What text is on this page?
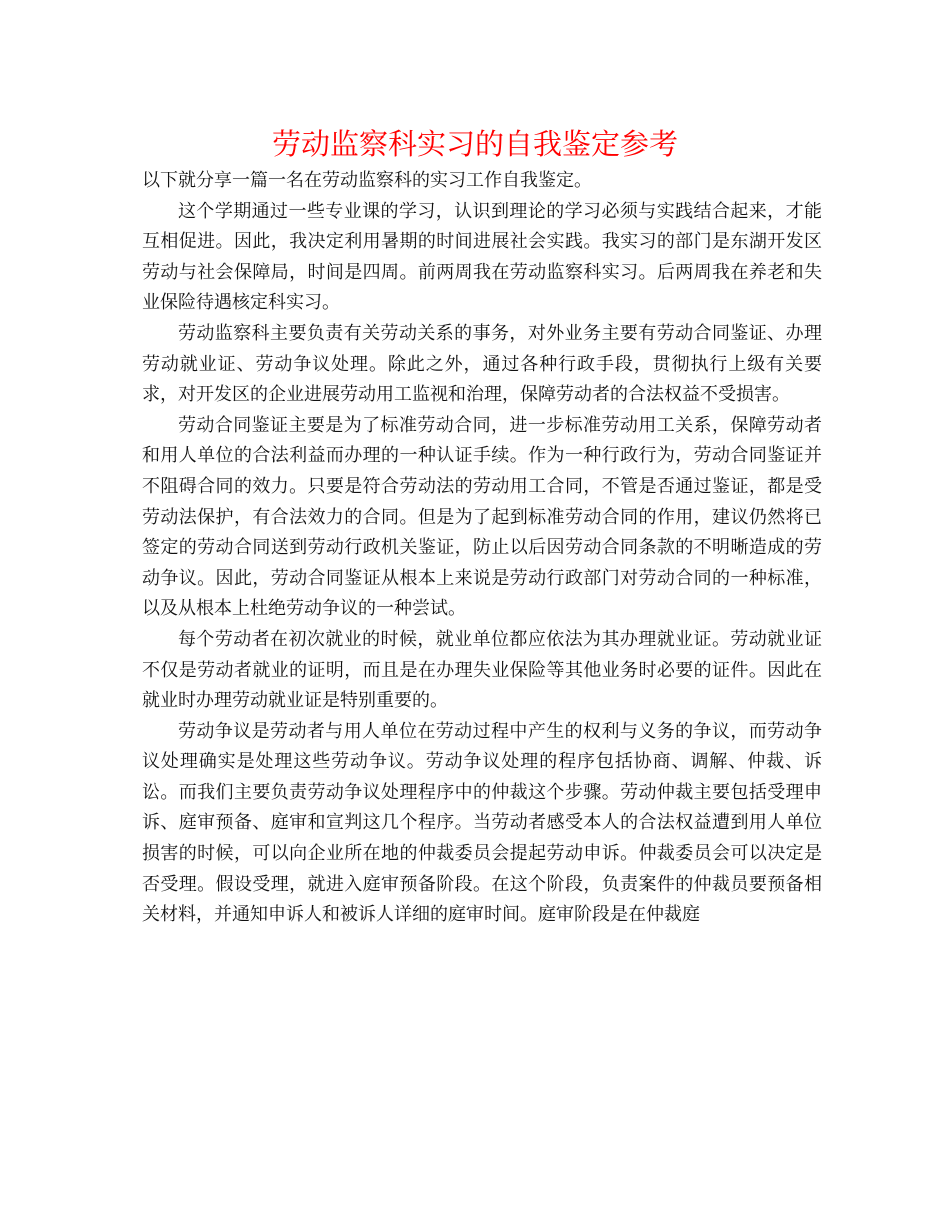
劳动监察科实习的自我鉴定参考

以下就分享一篇一名在劳动监察科的实习工作自我鉴定。

这个学期通过一些专业课的学习，认识到理论的学习必须与实践结合起来，才能互相促进。因此，我决定利用暑期的时间进展社会实践。我实习的部门是东湖开发区劳动与社会保障局，时间是四周。前两周我在劳动监察科实习。后两周我在养老和失业保险待遇核定科实习。

劳动监察科主要负责有关劳动关系的事务，对外业务主要有劳动合同鉴证、办理劳动就业证、劳动争议处理。除此之外，通过各种行政手段，贯彻执行上级有关要求，对开发区的企业进展劳动用工监视和治理，保障劳动者的合法权益不受损害。

劳动合同鉴证主要是为了标准劳动合同，进一步标准劳动用工关系，保障劳动者和用人单位的合法利益而办理的一种认证手续。作为一种行政行为，劳动合同鉴证并不阻碍合同的效力。只要是符合劳动法的劳动用工合同，不管是否通过鉴证，都是受劳动法保护，有合法效力的合同。但是为了起到标准劳动合同的作用，建议仍然将已签定的劳动合同送到劳动行政机关鉴证，防止以后因劳动合同条款的不明晰造成的劳动争议。因此，劳动合同鉴证从根本上来说是劳动行政部门对劳动合同的一种标准，以及从根本上杜绝劳动争议的一种尝试。

每个劳动者在初次就业的时候，就业单位都应依法为其办理就业证。劳动就业证不仅是劳动者就业的证明，而且是在办理失业保险等其他业务时必要的证件。因此在就业时办理劳动就业证是特别重要的。

劳动争议是劳动者与用人单位在劳动过程中产生的权利与义务的争议，而劳动争议处理确实是处理这些劳动争议。劳动争议处理的程序包括协商、调解、仲裁、诉讼。而我们主要负责劳动争议处理程序中的仲裁这个步骤。劳动仲裁主要包括受理申诉、庭审预备、庭审和宣判这几个程序。当劳动者感受本人的合法权益遭到用人单位损害的时候，可以向企业所在地的仲裁委员会提起劳动申诉。仲裁委员会可以决定是否受理。假设受理，就进入庭审预备阶段。在这个阶段，负责案件的仲裁员要预备相关材料，并通知申诉人和被诉人详细的庭审时间。庭审阶段是在仲裁庭
